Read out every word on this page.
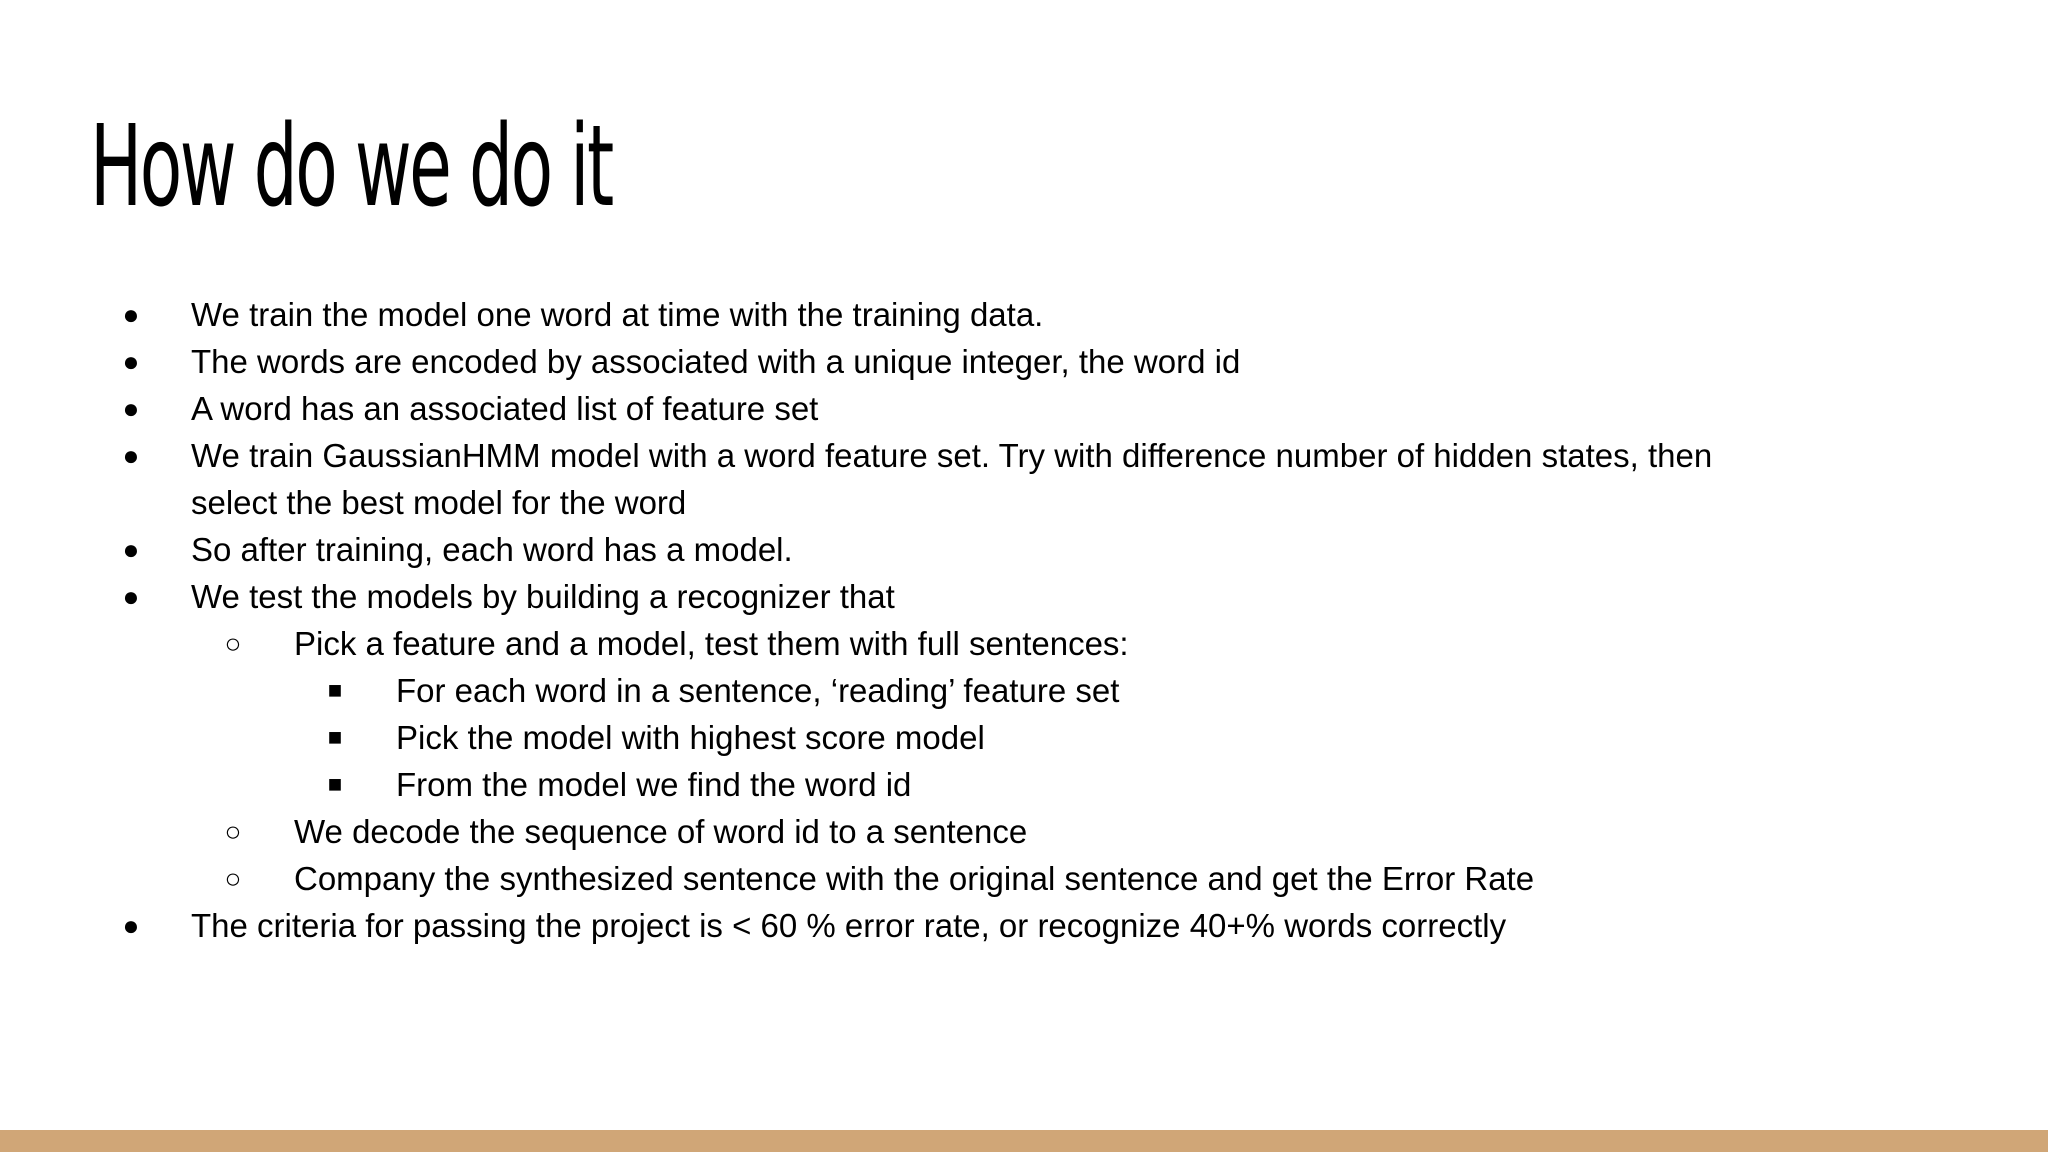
How do we do it
●	We train the model one word at time with the training data.
●	The words are encoded by associated with a unique integer, the word id
●	A word has an associated list of feature set
●	We train GaussianHMM model with a word feature set. Try with difference number of hidden states, then
select the best model for the word
●	So after training, each word has a model.
●	We test the models by building a recognizer that
○	Pick a feature and a model, test them with full sentences:
■	For each word in a sentence, ‘reading’ feature set
■	Pick the model with highest score model
■	From the model we find the word id
○	We decode the sequence of word id to a sentence
○	Company the synthesized sentence with the original sentence and get the Error Rate
●	The criteria for passing the project is < 60 % error rate, or recognize 40+% words correctly
